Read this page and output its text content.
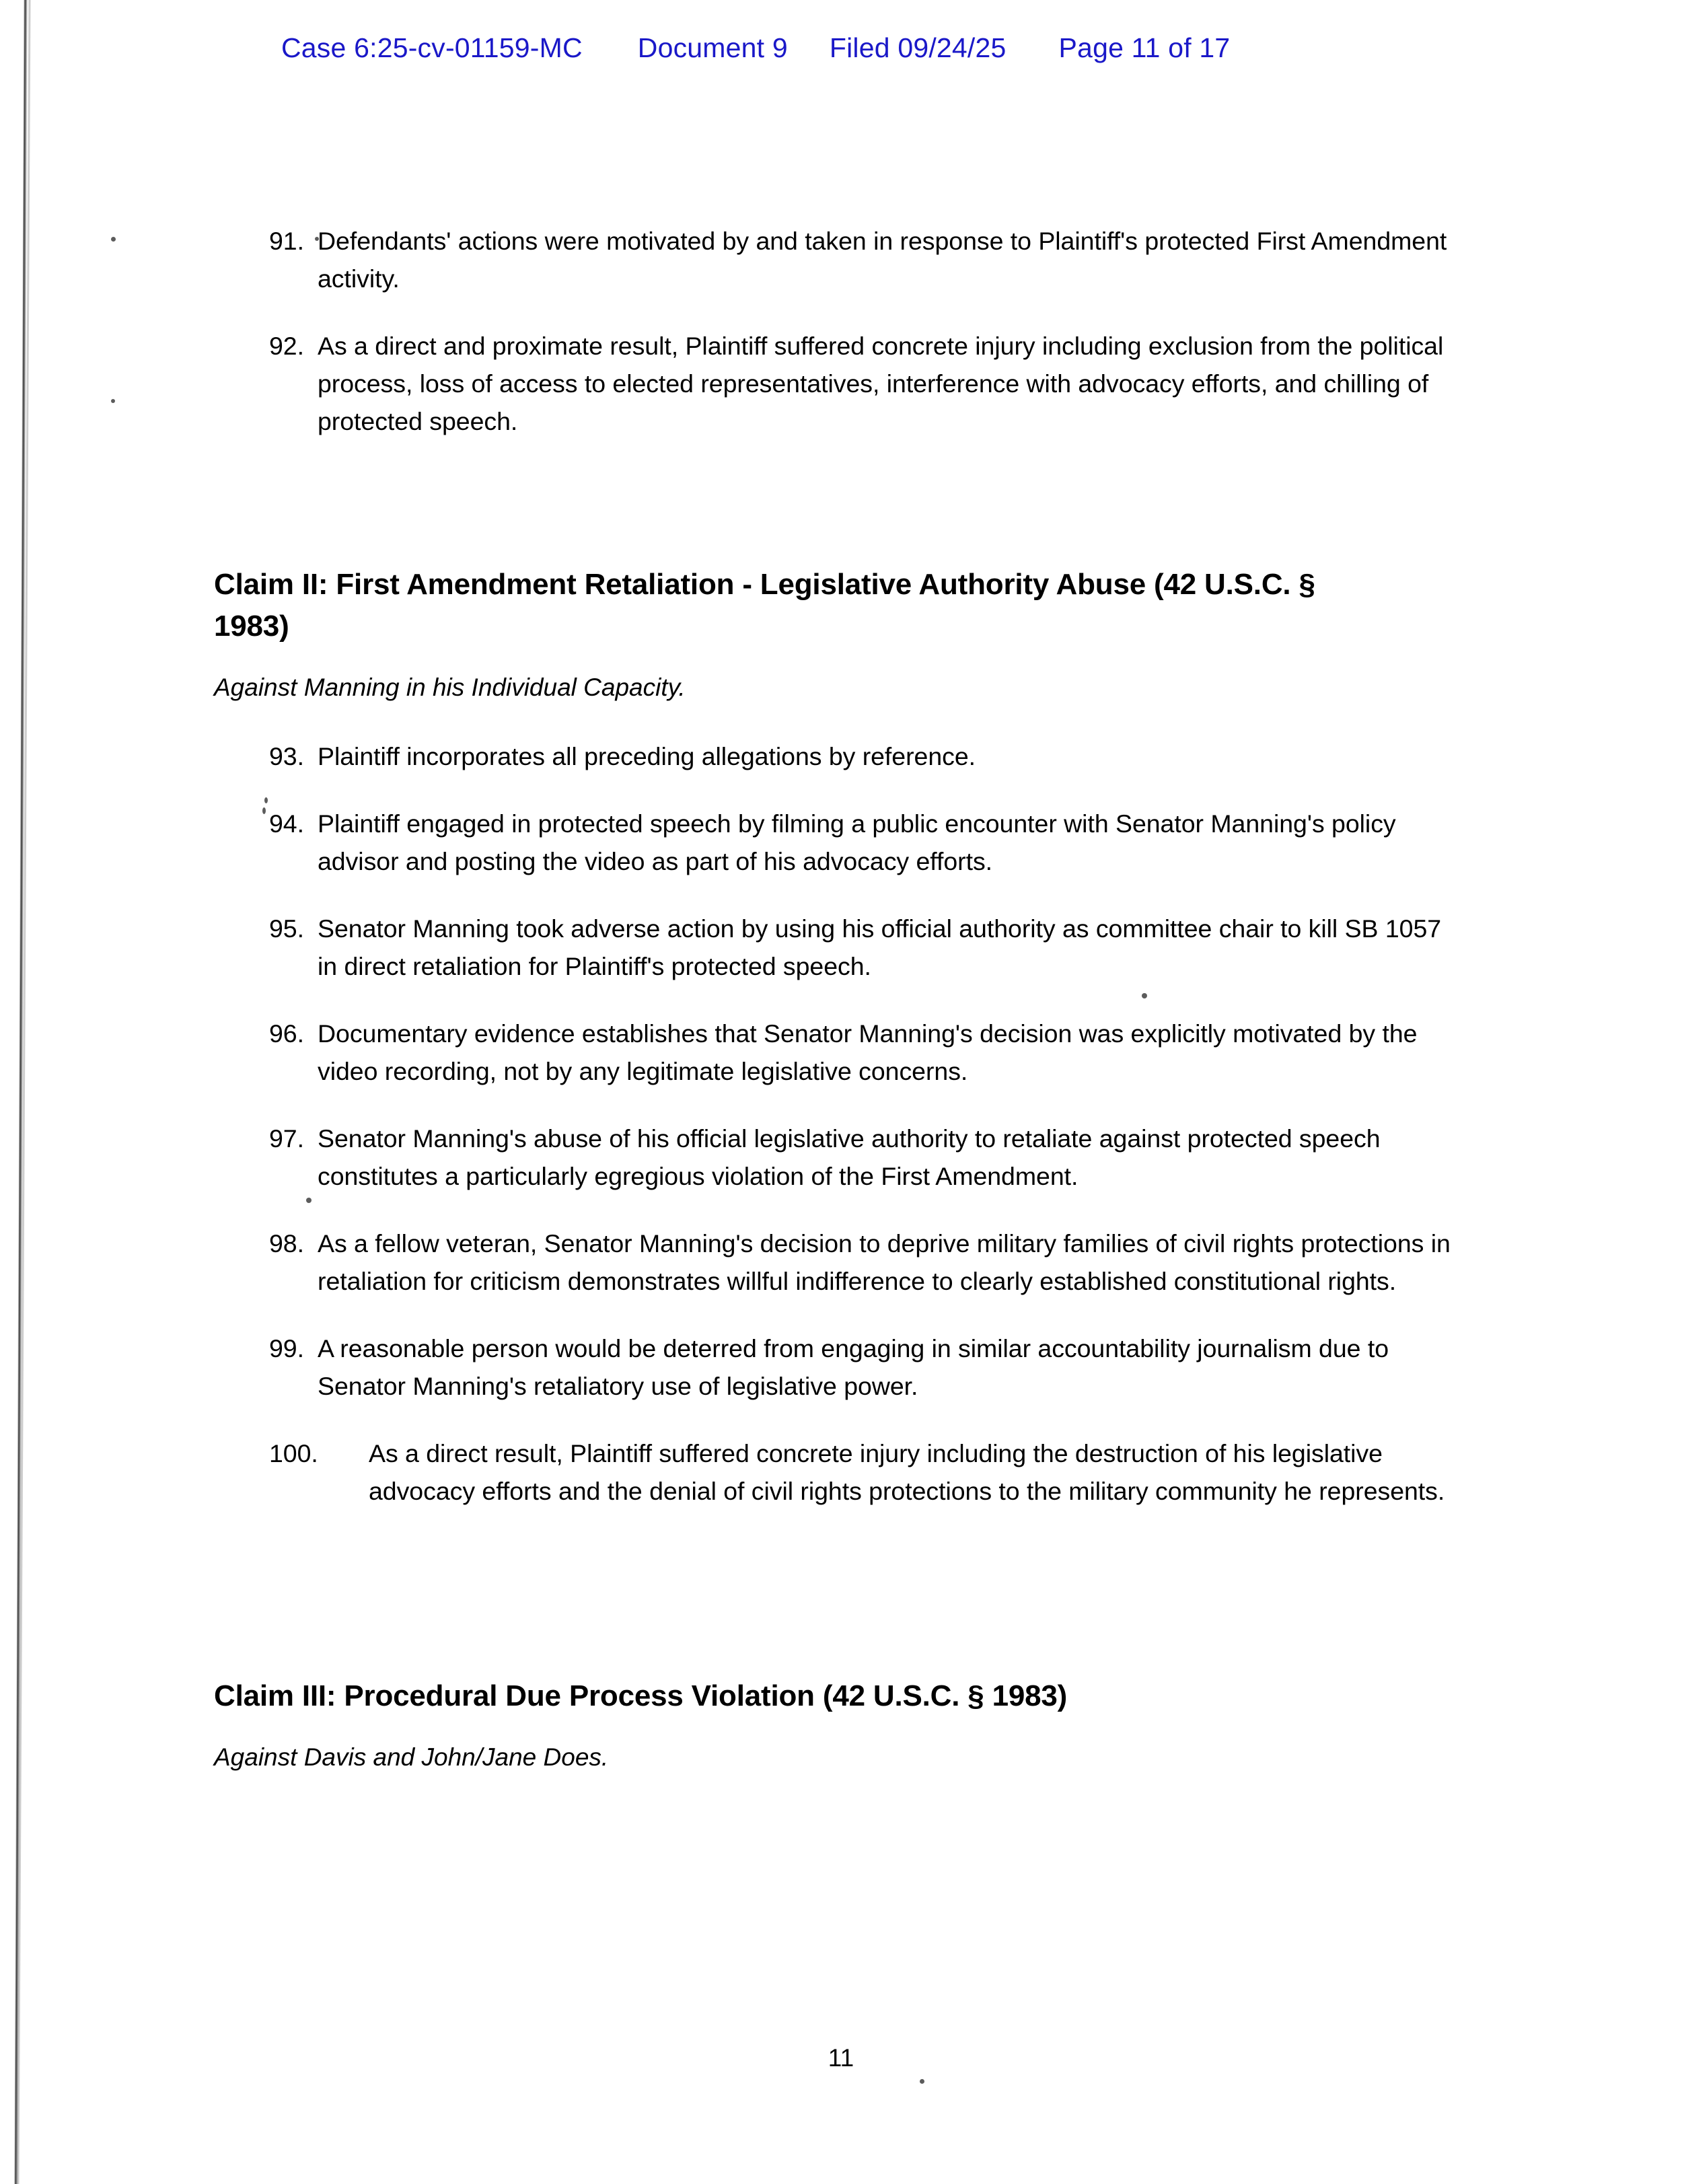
Case 6:25-cv-01159-MC Document 9 Filed 09/24/25 Page 11 of 17
91. Defendants' actions were motivated by and taken in response to Plaintiff's protected First Amendment activity.
92. As a direct and proximate result, Plaintiff suffered concrete injury including exclusion from the political process, loss of access to elected representatives, interference with advocacy efforts, and chilling of protected speech.
Claim II: First Amendment Retaliation - Legislative Authority Abuse (42 U.S.C. § 1983)

Against Manning in his Individual Capacity.

93. Plaintiff incorporates all preceding allegations by reference.
94. Plaintiff engaged in protected speech by filming a public encounter with Senator Manning's policy advisor and posting the video as part of his advocacy efforts.
95. Senator Manning took adverse action by using his official authority as committee chair to kill SB 1057 in direct retaliation for Plaintiff's protected speech.
96. Documentary evidence establishes that Senator Manning's decision was explicitly motivated by the video recording, not by any legitimate legislative concerns.
97. Senator Manning's abuse of his official legislative authority to retaliate against protected speech constitutes a particularly egregious violation of the First Amendment.
98. As a fellow veteran, Senator Manning's decision to deprive military families of civil rights protections in retaliation for criticism demonstrates willful indifference to clearly established constitutional rights.
99. A reasonable person would be deterred from engaging in similar accountability journalism due to Senator Manning's retaliatory use of legislative power.
100.	As a direct result, Plaintiff suffered concrete injury including the destruction of his legislative advocacy efforts and the denial of civil rights protections to the military community he represents.
Claim III: Procedural Due Process Violation (42 U.S.C. § 1983)

Against Davis and John/Jane Does.

11
